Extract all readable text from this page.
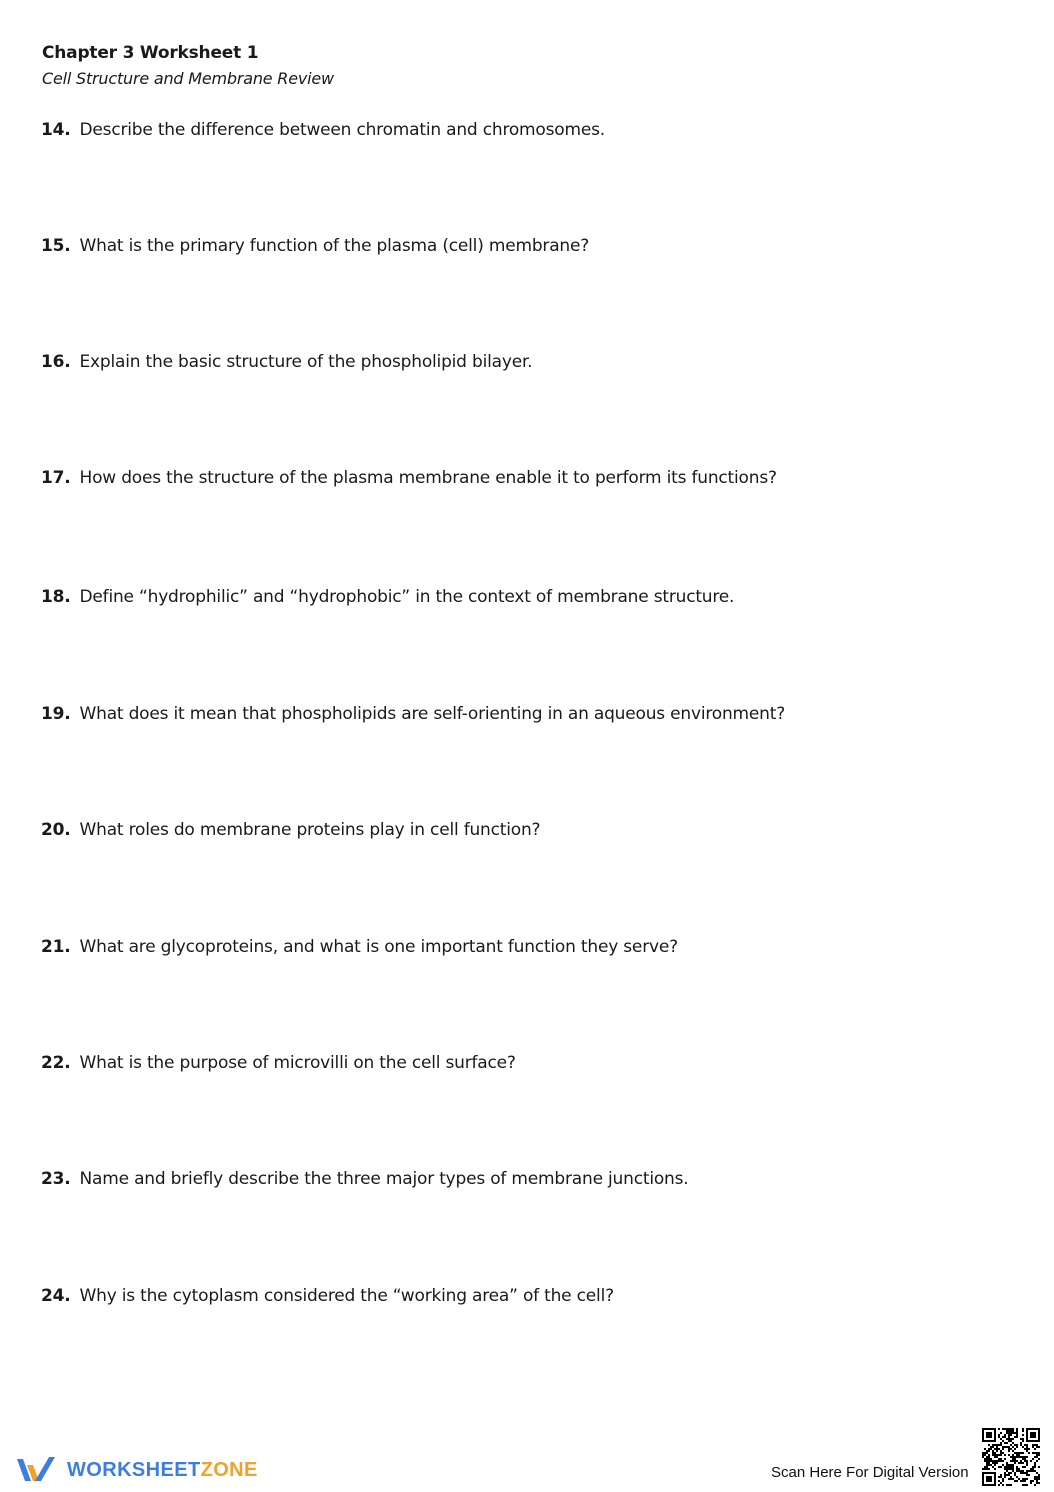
Chapter 3 Worksheet 1
Cell Structure and Membrane Review
14. Describe the difference between chromatin and chromosomes.
15. What is the primary function of the plasma (cell) membrane?
16. Explain the basic structure of the phospholipid bilayer.
17. How does the structure of the plasma membrane enable it to perform its functions?
18. Define “hydrophilic” and “hydrophobic” in the context of membrane structure.
19. What does it mean that phospholipids are self-orienting in an aqueous environment?
20. What roles do membrane proteins play in cell function?
21. What are glycoproteins, and what is one important function they serve?
22. What is the purpose of microvilli on the cell surface?
23. Name and briefly describe the three major types of membrane junctions.
24. Why is the cytoplasm considered the “working area” of the cell?
WORKSHEETZONE	Scan Here For Digital Version
